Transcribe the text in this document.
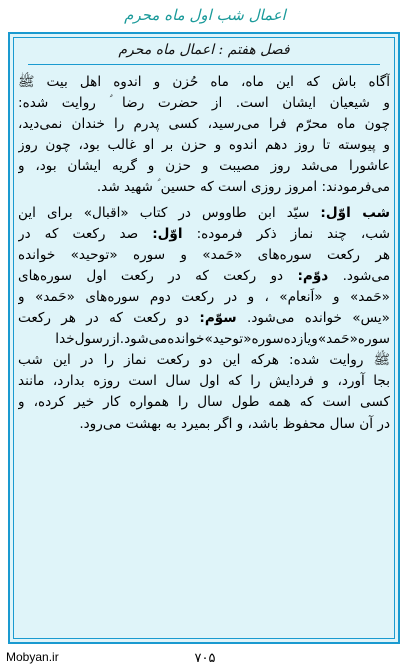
اعمال شب اول ماه محرم
فصل هفتم : اعمال ماه محرم
آگاه باش که این ماه، ماه حُزن و اندوه اهل بیت ﷺ
و شیعیان ایشان است. از حضرت رضا ؑ روایت شده:
چون ماه محرّم فرا می‌رسید، کسی پدرم را خندان نمی‌دید،
و پیوسته تا روز دهم اندوه و حزن بر او غالب بود، چون روز
عاشورا می‌شد روز مصیبت و حزن و گریه ایشان بود، و
می‌فرمودند: امروز روزی است که حسین ؑ شهید شد.
شب اوّل: سیّد ابن طاووس در کتاب «اقبال» برای این
شب، چند نماز ذکر فرموده: اوّل: صد رکعت که در
هر رکعت سوره‌های «حَمد» و سوره «توحید» خوانده
می‌شود. دوّم: دو رکعت که در رکعت اول سوره‌های
«حَمد» و «اَنعام» ، و در رکعت دوم سوره‌های «حَمد» و
«یس» خوانده می‌شود. سوّم: دو رکعت که در هر رکعت
سوره«حَمد»ویازده‌سوره«توحید»خوانده‌می‌شود.ازرسول‌خدا
ﷺ روایت شده: هرکه این دو رکعت نماز را در این شب
بجا آورد، و فردایش را که اول سال است روزه بدارد، مانند
کسی است که همه طول سال را همواره کار خیر کرده، و
در آن سال محفوظ باشد، و اگر بمیرد به بهشت می‌رود.
Mobyan.ir	۷۰۵
